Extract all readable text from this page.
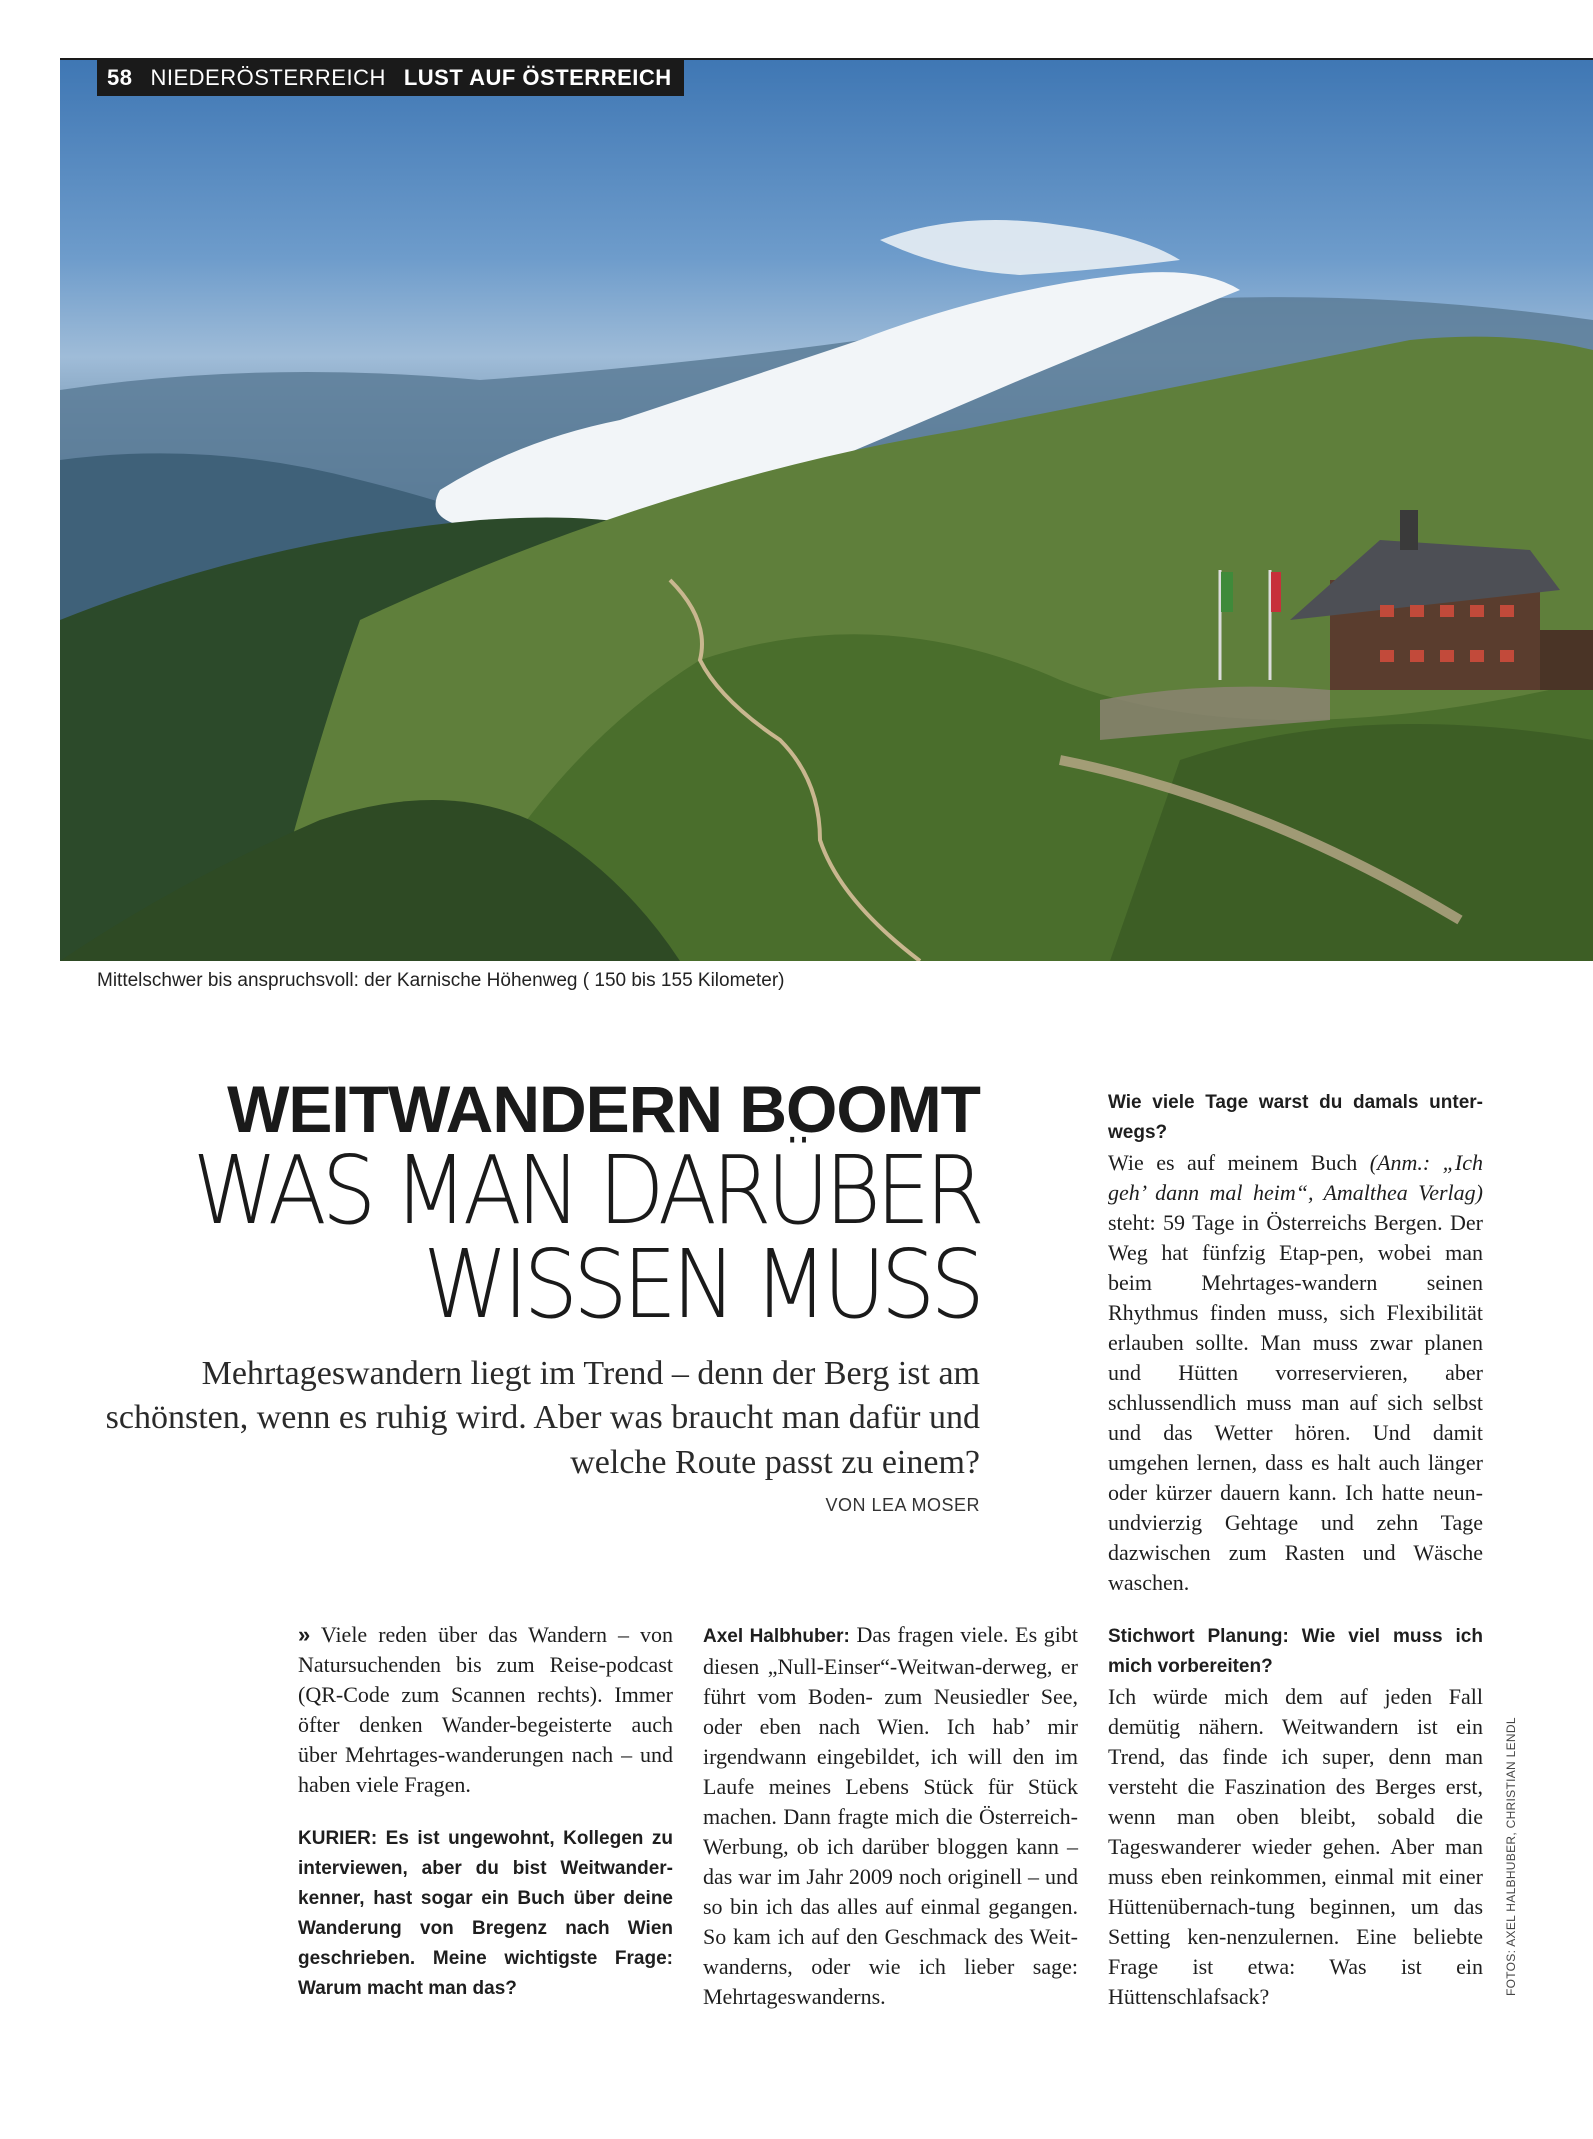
58 NIEDERÖSTERREICH LUST AUF ÖSTERREICH
Mittelschwer bis anspruchsvoll: der Karnische Höhenweg ( 150 bis 155 Kilometer)
WEITWANDERN BOOMT
WAS MAN DARÜBER
WISSEN MUSS

Mehrtageswandern liegt im Trend – denn der Berg ist am schönsten, wenn es ruhig wird. Aber was braucht man dafür und welche Route passt zu einem?

VON LEA MOSER

» Viele reden über das Wandern – von Natursuchenden bis zum Reise-podcast (QR-Code zum Scannen rechts). Immer öfter denken Wander-begeisterte auch über Mehrtages-wanderungen nach – und haben viele Fragen.

KURIER: Es ist ungewohnt, Kollegen zu interviewen, aber du bist Weitwander-kenner, hast sogar ein Buch über deine Wanderung von Bregenz nach Wien geschrieben. Meine wichtigste Frage: Warum macht man das?

Axel Halbhuber: Das fragen viele. Es gibt diesen „Null-Einser“-Weitwan-derweg, er führt vom Boden- zum Neusiedler See, oder eben nach Wien. Ich hab’ mir irgendwann eingebildet, ich will den im Laufe meines Lebens Stück für Stück machen. Dann fragte mich die Österreich-Werbung, ob ich darüber bloggen kann – das war im Jahr 2009 noch originell – und so bin ich das alles auf einmal gegangen. So kam ich auf den Geschmack des Weit-wanderns, oder wie ich lieber sage: Mehrtageswanderns.

Wie viele Tage warst du damals unter-wegs?

Wie es auf meinem Buch (Anm.: „Ich geh’ dann mal heim“, Amalthea Verlag) steht: 59 Tage in Österreichs Bergen. Der Weg hat fünfzig Etap-pen, wobei man beim Mehrtages-wandern seinen Rhythmus finden muss, sich Flexibilität erlauben sollte. Man muss zwar planen und Hütten vorreservieren, aber schlussendlich muss man auf sich selbst und das Wetter hören. Und damit umgehen lernen, dass es halt auch länger oder kürzer dauern kann. Ich hatte neun-undvierzig Gehtage und zehn Tage dazwischen zum Rasten und Wäsche waschen.

Stichwort Planung: Wie viel muss ich mich vorbereiten?

Ich würde mich dem auf jeden Fall demütig nähern. Weitwandern ist ein Trend, das finde ich super, denn man versteht die Faszination des Berges erst, wenn man oben bleibt, sobald die Tageswanderer wieder gehen. Aber man muss eben reinkommen, einmal mit einer Hüttenübernach-tung beginnen, um das Setting ken-nenzulernen. Eine beliebte Frage ist etwa: Was ist ein Hüttenschlafsack?

FOTOS: AXEL HALBHUBER, CHRISTIAN LENDL
